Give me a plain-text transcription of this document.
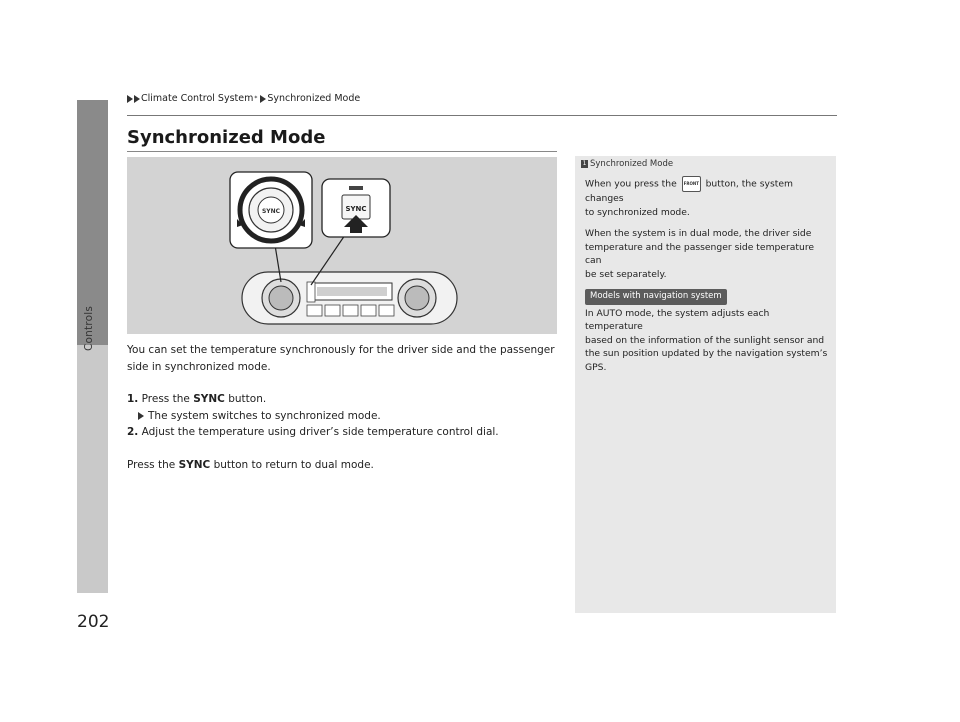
Controls
202
Climate Control System * Synchronized Mode
Synchronized Mode
SYNC	SYNC

You can set the temperature synchronously for the driver side and the passenger

side in synchronized mode.

1. Press the SYNC button.

The system switches to synchronized mode.

2. Adjust the temperature using driver’s side temperature control dial.

Press the SYNC button to return to dual mode.

1 Synchronized Mode

When you press the FRONT button, the system changes

to synchronized mode.

When the system is in dual mode, the driver side

temperature and the passenger side temperature can

be set separately.

Models with navigation system

In AUTO mode, the system adjusts each temperature

based on the information of the sunlight sensor and

the sun position updated by the navigation system’s

GPS.
